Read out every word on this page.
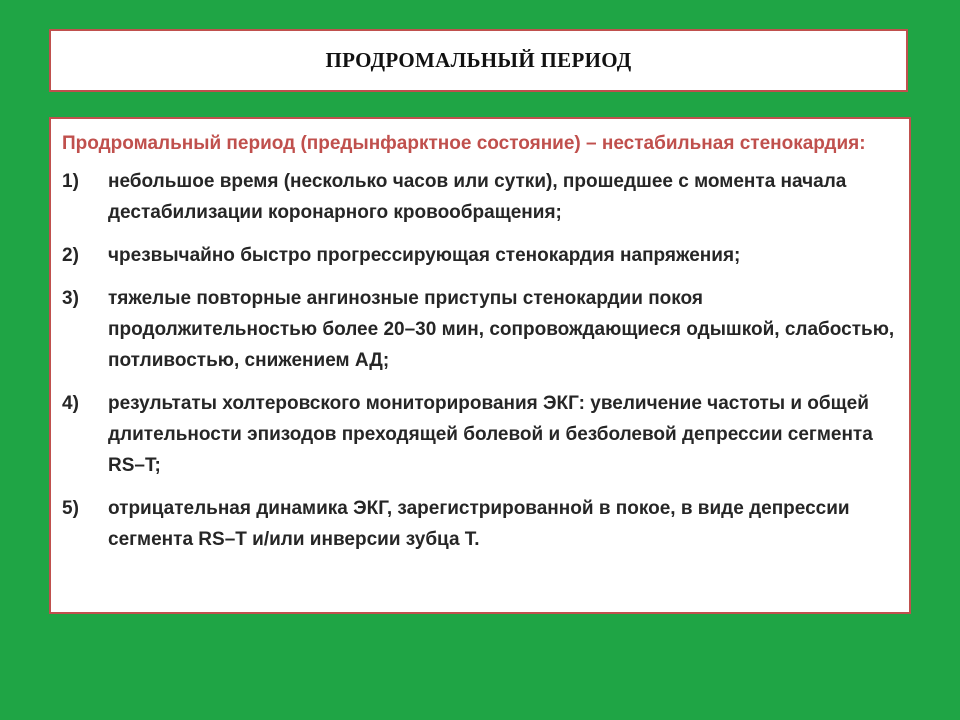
ПРОДРОМАЛЬНЫЙ ПЕРИОД
Продромальный период (предынфарктное состояние) – нестабильная стенокардия:
1)	небольшое время (несколько часов или сутки), прошедшее с момента начала дестабилизации коронарного кровообращения;
2)	чрезвычайно быстро прогрессирующая стенокардия напряжения;
3)	тяжелые повторные ангинозные приступы стенокардии покоя продолжительностью более 20–30 мин, сопровождающиеся одышкой, слабостью, потливостью, снижением АД;
4)	результаты холтеровского мониторирования ЭКГ: увеличение частоты и общей длительности эпизодов преходящей болевой и безболевой депрессии сегмента RS–T;
5)	отрицательная динамика ЭКГ, зарегистрированной в покое, в виде депрессии сегмента RS–T и/или инверсии зубца Т.
